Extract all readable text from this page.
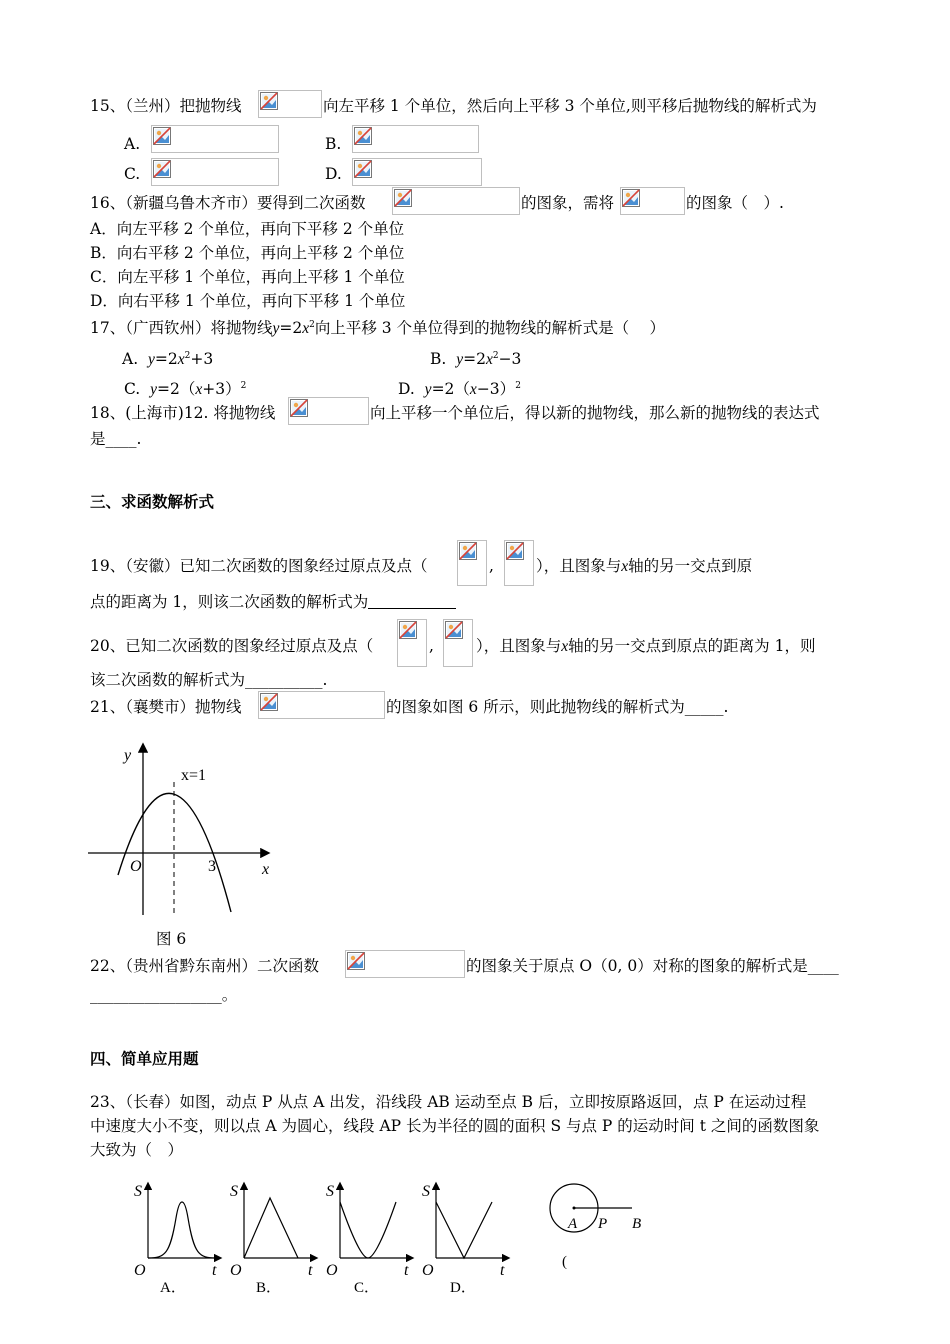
15、（兰州）把抛物线	向左平移 1 个单位，然后向上平移 3 个单位,则平移后抛物线的解析式为
A.	B.
C.	D.
16、（新疆乌鲁木齐市）要得到二次函数	的图象，需将	的图象（　）.
A．向左平移 2 个单位，再向下平移 2 个单位
B．向右平移 2 个单位，再向上平移 2 个单位
C．向左平移 1 个单位，再向上平移 1 个单位
D．向右平移 1 个单位，再向下平移 1 个单位
17、（广西钦州）将抛物线$y=2x^2$向上平移 3 个单位得到的抛物线的解析式是（　 ）
A. $y=2x^2+3$	B. $y=2x^2-3$
C. $y=2(x+3)^2$	D. $y=2(x-3)^2$
18、(上海市)12. 将抛物线	向上平移一个单位后，得以新的抛物线，那么新的抛物线的表达式
是____.
三、求函数解析式
19、（安徽）已知二次函数的图象经过原点及点（	,	），且图象与x轴的另一交点到原
点的距离为 1，则该二次函数的解析式为
20、已知二次函数的图象经过原点及点（	,	），且图象与x轴的另一交点到原点的距离为 1，则
该二次函数的解析式为__________.
21、（襄樊市）抛物线	的图象如图 6 所示，则此抛物线的解析式为_____.
y
x
O
x=1
3
图 6
22、（贵州省黔东南州）二次函数	的图象关于原点 O（0, 0）对称的图象的解析式是____
_________________。
四、简单应用题
23、（长春）如图，动点 P 从点 A 出发，沿线段 AB 运动至点 B 后，立即按原路返回，点 P 在运动过程
中速度大小不变，则以点 A 为圆心，线段 AP 长为半径的圆的面积 S 与点 P 的运动时间 t 之间的函数图象
大致为（　）
S
t
O
A．
S
t
O
B．
S
t
O
C．
S
t
O
D．
A P B
(
